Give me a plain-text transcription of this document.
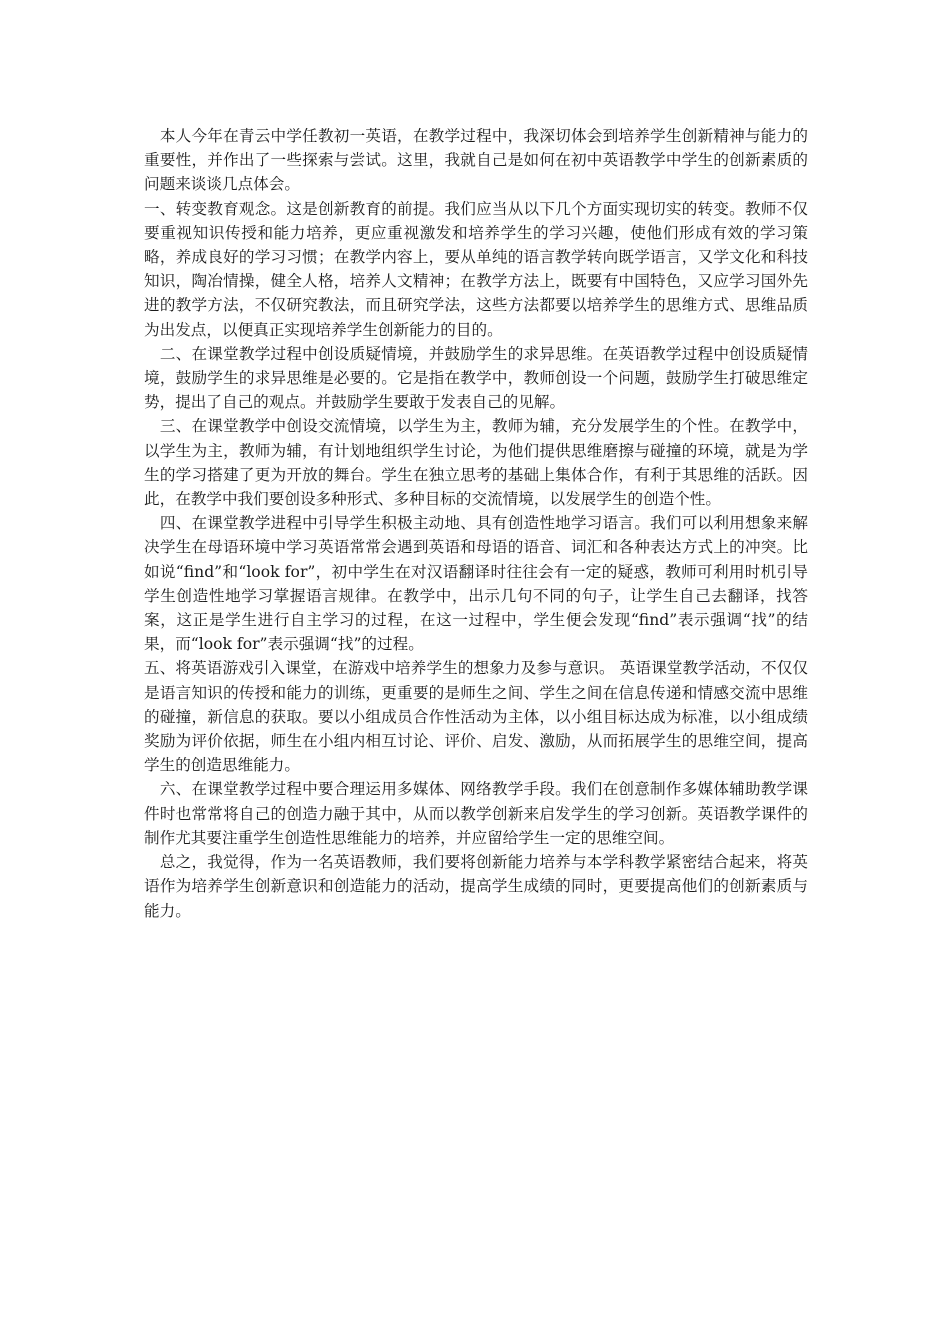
　本人今年在青云中学任教初一英语，在教学过程中，我深切体会到培养学生创新精神与能力的重要性，并作出了一些探索与尝试。这里，我就自己是如何在初中英语教学中学生的创新素质的问题来谈谈几点体会。

一、转变教育观念。这是创新教育的前提。我们应当从以下几个方面实现切实的转变。教师不仅要重视知识传授和能力培养，更应重视激发和培养学生的学习兴趣，使他们形成有效的学习策略，养成良好的学习习惯；在教学内容上，要从单纯的语言教学转向既学语言，又学文化和科技知识，陶冶情操，健全人格，培养人文精神；在教学方法上，既要有中国特色，又应学习国外先进的教学方法，不仅研究教法，而且研究学法，这些方法都要以培养学生的思维方式、思维品质为出发点，以便真正实现培养学生创新能力的目的。

　二、在课堂教学过程中创设质疑情境，并鼓励学生的求异思维。在英语教学过程中创设质疑情境，鼓励学生的求异思维是必要的。它是指在教学中，教师创设一个问题，鼓励学生打破思维定势，提出了自己的观点。并鼓励学生要敢于发表自己的见解。

　三、在课堂教学中创设交流情境，以学生为主，教师为辅，充分发展学生的个性。在教学中，以学生为主，教师为辅，有计划地组织学生讨论，为他们提供思维磨擦与碰撞的环境，就是为学生的学习搭建了更为开放的舞台。学生在独立思考的基础上集体合作，有利于其思维的活跃。因此，在教学中我们要创设多种形式、多种目标的交流情境，以发展学生的创造个性。

　四、在课堂教学进程中引导学生积极主动地、具有创造性地学习语言。我们可以利用想象来解决学生在母语环境中学习英语常常会遇到英语和母语的语音、词汇和各种表达方式上的冲突。比如说“find”和“look for”，初中学生在对汉语翻译时往往会有一定的疑惑，教师可利用时机引导学生创造性地学习掌握语言规律。在教学中，出示几句不同的句子，让学生自己去翻译，找答案，这正是学生进行自主学习的过程，在这一过程中，学生便会发现“find”表示强调“找”的结果，而“look for”表示强调“找”的过程。

五、将英语游戏引入课堂，在游戏中培养学生的想象力及参与意识。 英语课堂教学活动，不仅仅是语言知识的传授和能力的训练，更重要的是师生之间、学生之间在信息传递和情感交流中思维的碰撞，新信息的获取。要以小组成员合作性活动为主体，以小组目标达成为标准，以小组成绩奖励为评价依据，师生在小组内相互讨论、评价、启发、激励，从而拓展学生的思维空间，提高学生的创造思维能力。

　六、在课堂教学过程中要合理运用多媒体、网络教学手段。我们在创意制作多媒体辅助教学课件时也常常将自己的创造力融于其中，从而以教学创新来启发学生的学习创新。英语教学课件的制作尤其要注重学生创造性思维能力的培养，并应留给学生一定的思维空间。

　总之，我觉得，作为一名英语教师，我们要将创新能力培养与本学科教学紧密结合起来，将英语作为培养学生创新意识和创造能力的活动，提高学生成绩的同时，更要提高他们的创新素质与能力。
